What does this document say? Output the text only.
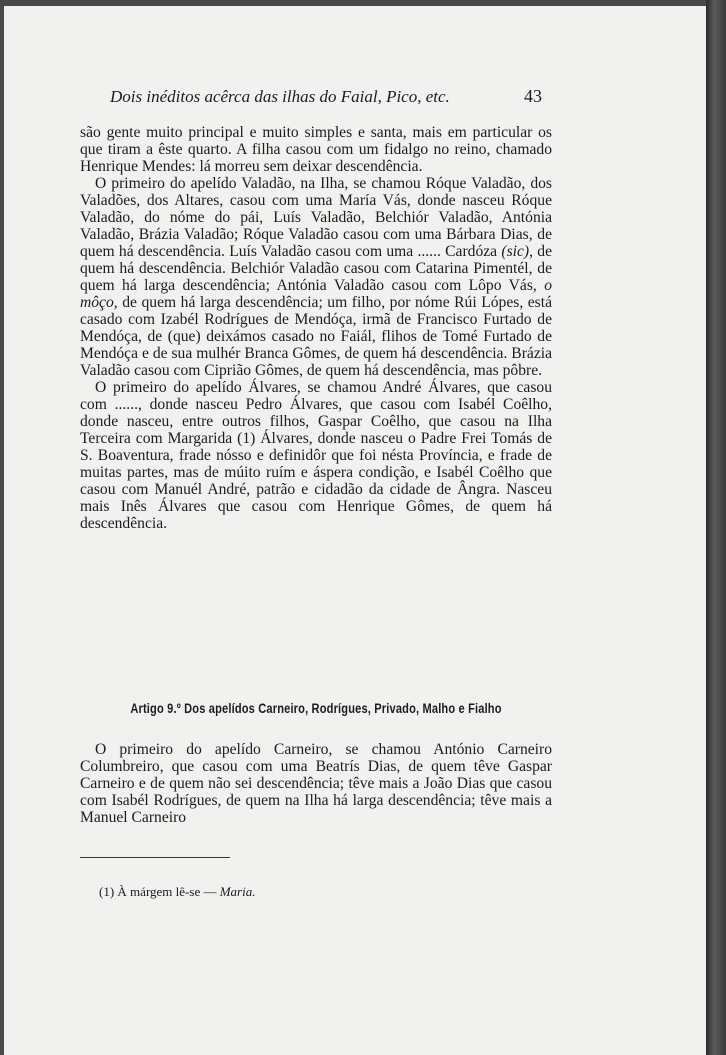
Dois inéditos acêrca das ilhas do Faial, Pico, etc.	43

são gente muito principal e muito simples e santa, mais em particular os que tiram a êste quarto. A filha casou com um fidalgo no reino, chamado Henrique Mendes: lá morreu sem deixar descendência.

O primeiro do apelído Valadão, na Ilha, se chamou Róque Valadão, dos Valadões, dos Altares, casou com uma María Vás, donde nasceu Róque Valadão, do nóme do pái, Luís Valadão, Belchiór Valadão, Antónia Valadão, Brázia Valadão; Róque Valadão casou com uma Bárbara Dias, de quem há descendência. Luís Valadão casou com uma ...... Cardóza (sic), de quem há descendência. Belchiór Valadão casou com Catarina Pimentél, de quem há larga descendência; Antónia Valadão casou com Lôpo Vás, o môço, de quem há larga descendência; um filho, por nóme Rúi Lópes, está casado com Izabél Rodrígues de Mendóça, irmã de Francisco Furtado de Mendóça, de (que) deixámos casado no Faiál, flihos de Tomé Furtado de Mendóça e de sua mulhér Branca Gômes, de quem há descendência. Brázia Valadão casou com Cipriãо Gômes, de quem há descendência, mas pôbre.

O primeiro do apelído Álvares, se chamou André Álvares, que casou com ......, donde nasceu Pedro Álvares, que casou com Isabél Coêlho, donde nasceu, entre outros filhos, Gaspar Coêlho, que casou na Ilha Terceira com Margarida (1) Álvares, donde nasceu o Padre Frei Tomás de S. Boaventura, frade nósso e definidôr que foi nésta Província, e frade de muitas partes, mas de múito ruím e áspera condição, e Isabél Coêlho que casou com Manuél André, patrão e cidadão da cidade de Ângra. Nasceu mais Inês Álvares que casou com Henrique Gômes, de quem há descendência.

Artigo 9.º Dos apelídos Carneiro, Rodrígues, Privado, Malho e Fialho

O primeiro do apelído Carneiro, se chamou António Carneiro Columbreiro, que casou com uma Beatrís Dias, de quem têve Gaspar Carneiro e de quem não sei descendência; têve mais a João Dias que casou com Isabél Rodrígues, de quem na Ilha há larga descendência; têve mais a Manuel Carneiro

(1) À márgem lê-se — Maria.
